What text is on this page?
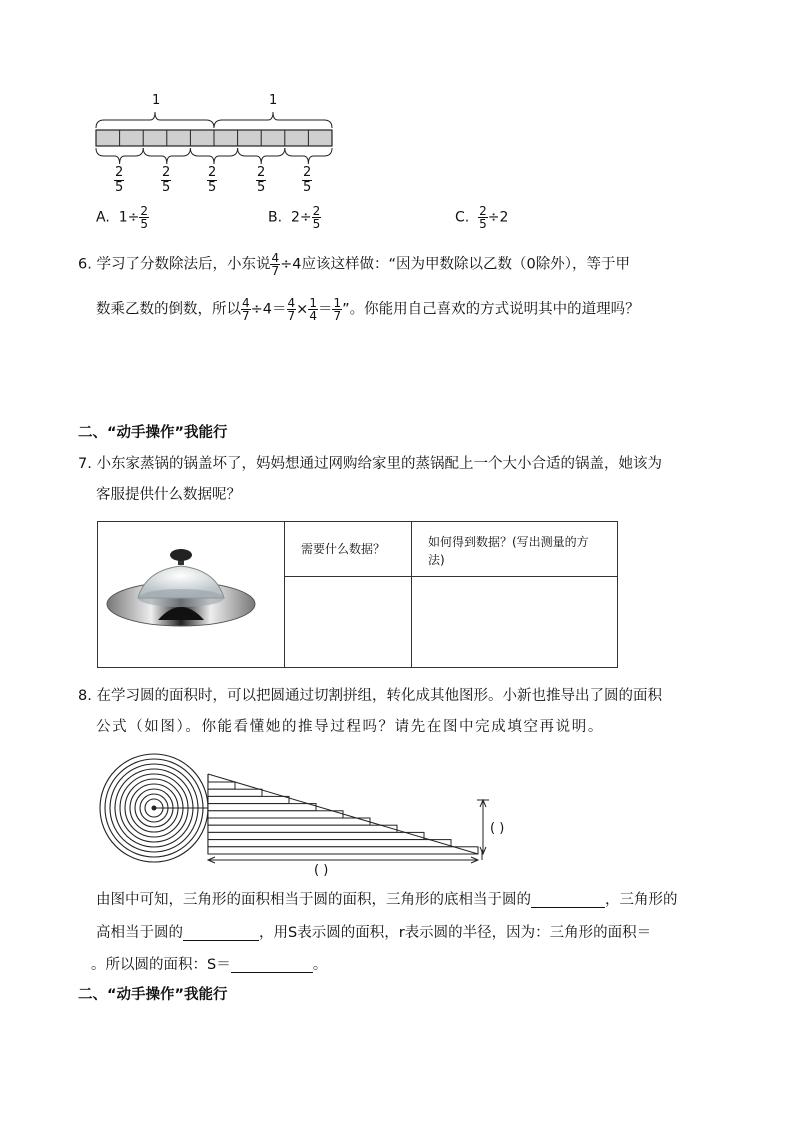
1	1
$\frac{2}{5}$	$\frac{2}{5}$	$\frac{2}{5}$	$\frac{2}{5}$	$\frac{2}{5}$
A. $1\div \frac{2}{5}$	B. $2\div \frac{2}{5}$	C. $\frac{2}{5} \div 2$
6. 学习了分数除法后，小东说 $\frac{4}{7} \div 4$应该这样做：“因为甲数除以乙数（0除外），等于甲
数乘乙数的倒数，所以 $\frac{4}{7} \div 4= \frac{4}{7} \times \frac{1}{4} = \frac{1}{7}$ ”。你能用自己喜欢的方式说明其中的道理吗？
二、“动手操作”我能行
7. 小东家蒸锅的锅盖坏了，妈妈想通过网购给家里的蒸锅配上一个大小合适的锅盖，她该为
客服提供什么数据呢？

需要什么数据？	如何得到数据？(写出测量的方法)

8. 在学习圆的面积时，可以把圆通过切割拼组，转化成其他图形。小新也推导出了圆的面积
公式（如图）。你能看懂她的推导过程吗？请先在图中完成填空再说明。
( )
( )
由图中可知，三角形的面积相当于圆的面积，三角形的底相当于圆的	，三角形的
高相当于圆的	，用S表示圆的面积，r表示圆的半径，因为：三角形的面积＝
。所以圆的面积：S＝	。
二、“动手操作”我能行
